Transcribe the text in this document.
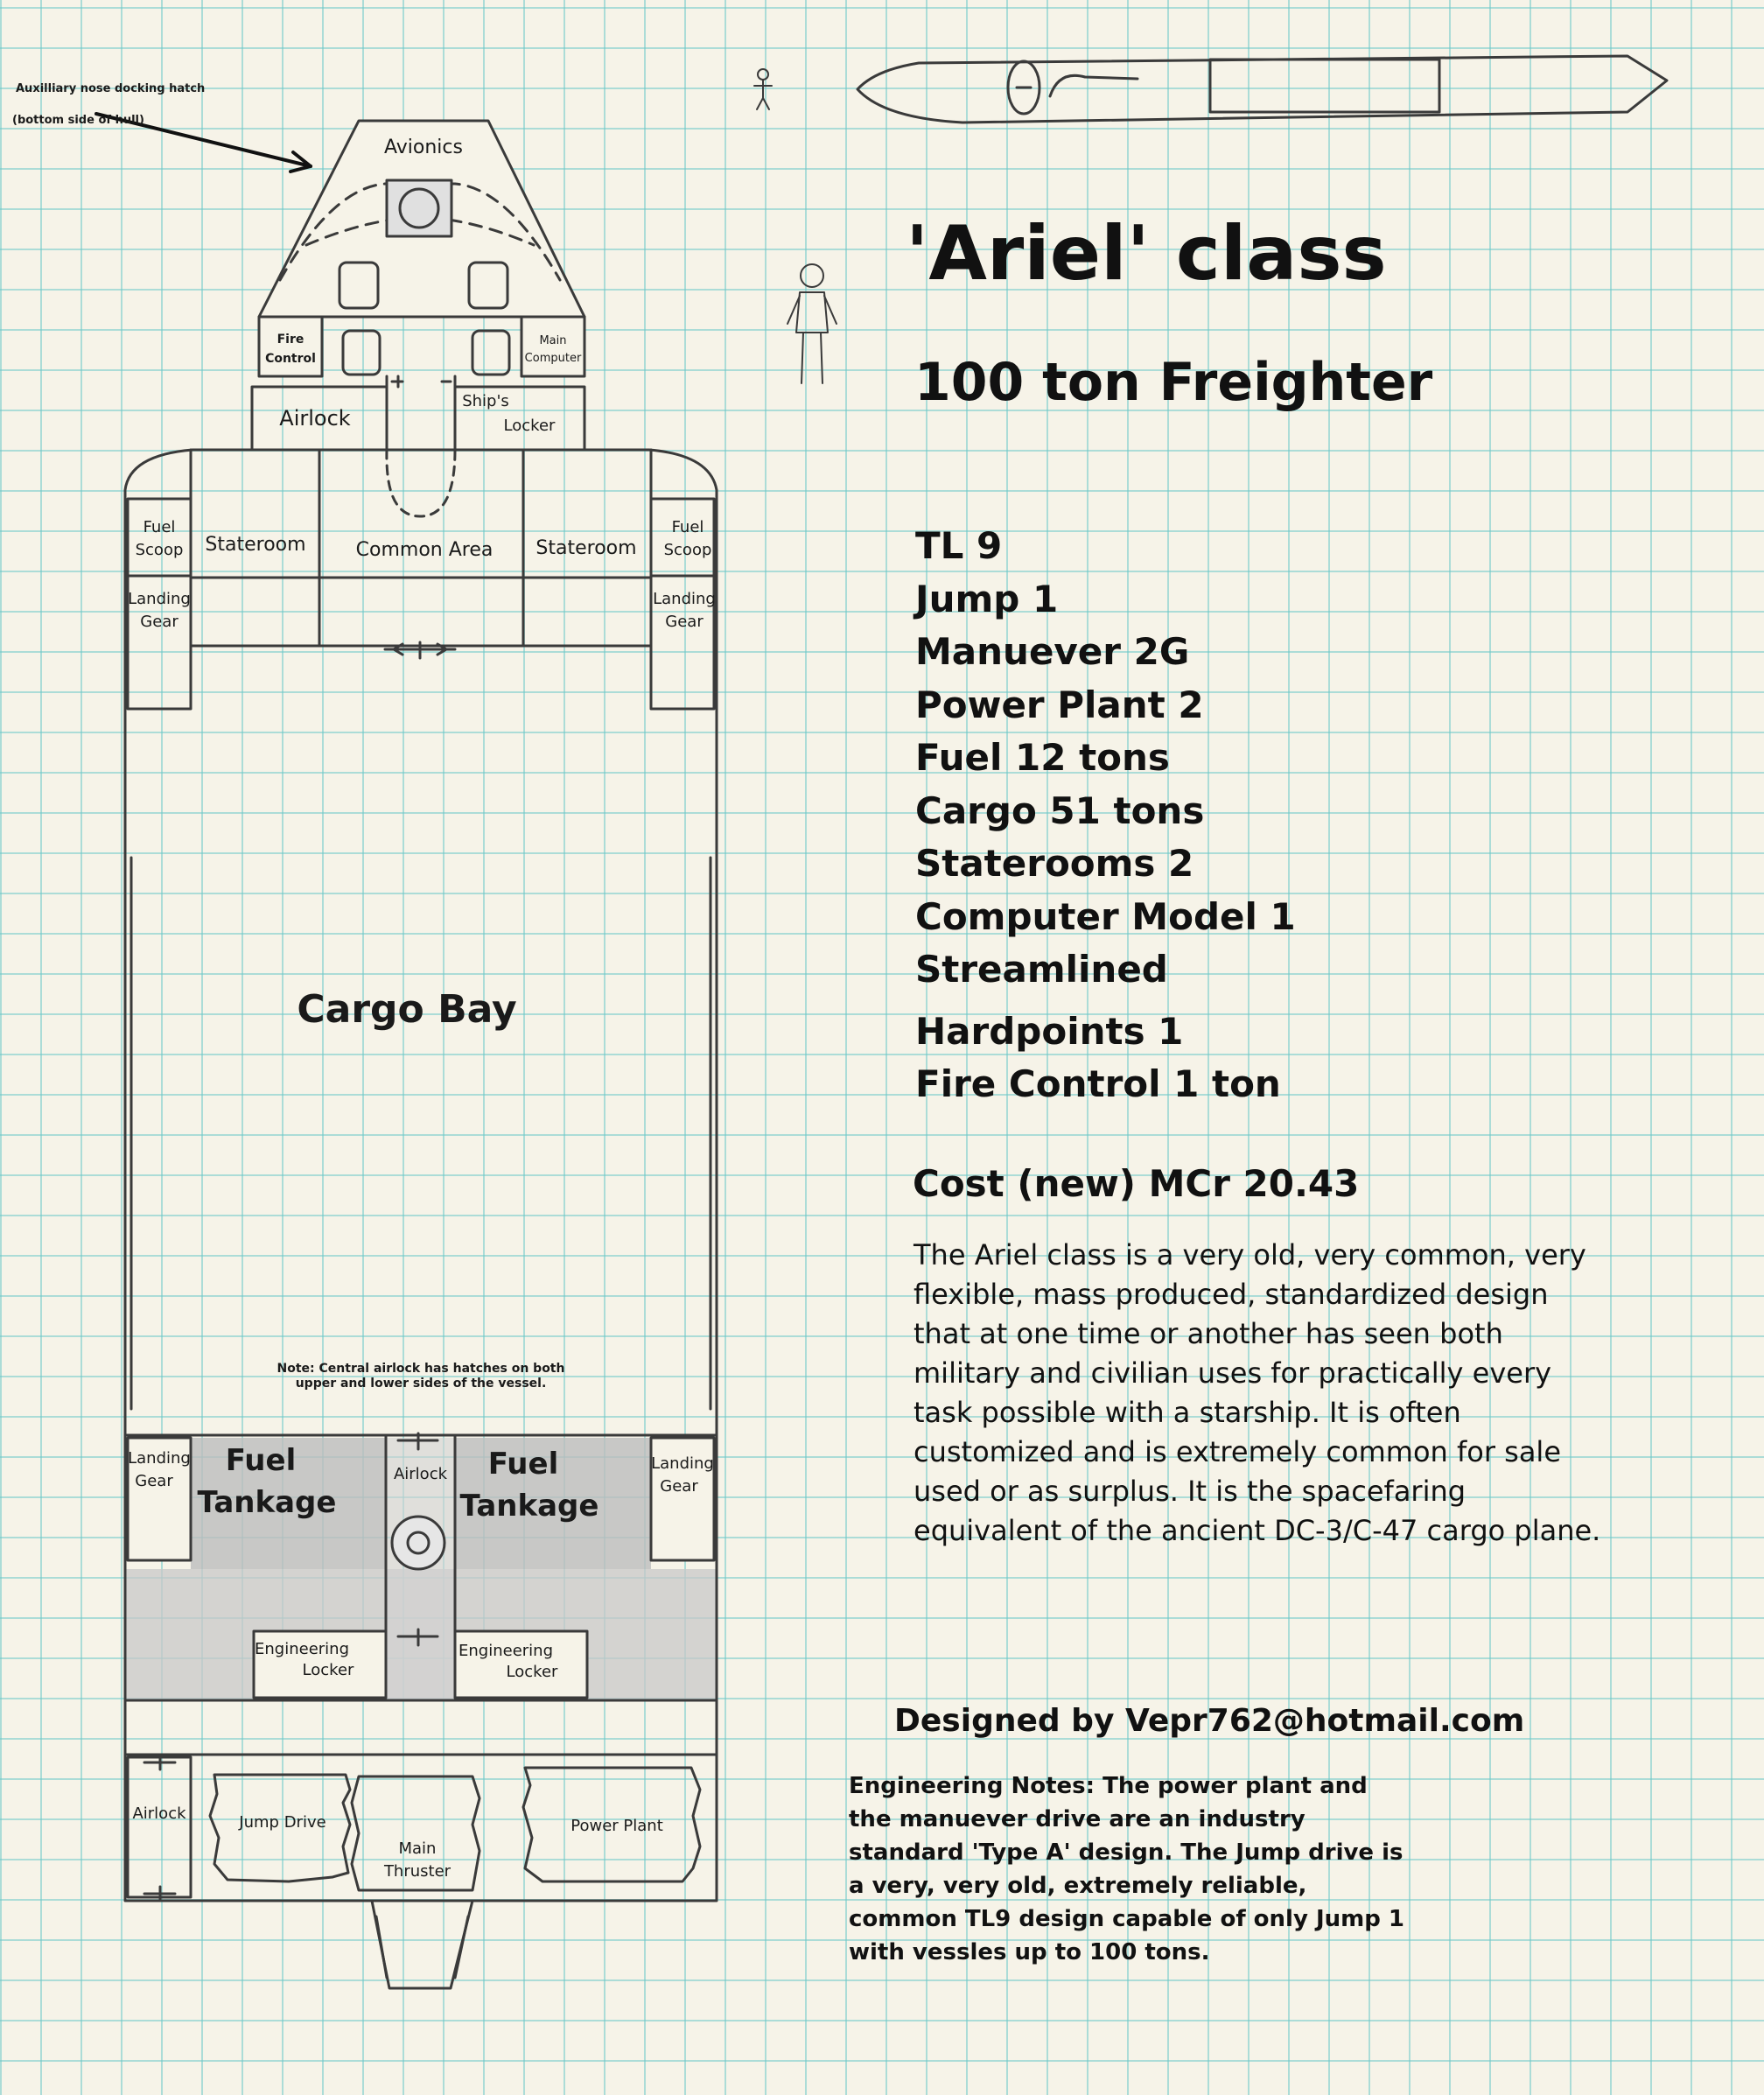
Auxilliary nose docking hatch
(bottom side of hull)
Avionics
Fire
Control
Main
Computer
Airlock
Ship's
Locker
Fuel
Scoop
Fuel
Scoop
Stateroom	Common Area	Stateroom
Landing
Gear
Landing
Gear
Cargo Bay
Note: Central airlock has hatches on both upper and lower sides of the vessel.
Landing
Gear
Landing
Gear
Fuel
Tankage
Fuel
Tankage
Airlock
Engineering
Locker
Engineering
Locker
Airlock	Jump Drive
Main
Thruster
Power Plant
'Ariel' class
100 ton Freighter
TL 9
Jump 1
Manuever 2G
Power Plant 2
Fuel 12 tons
Cargo 51 tons
Staterooms 2
Computer Model 1
Streamlined
Hardpoints 1
Fire Control 1 ton
Cost (new) MCr 20.43

The Ariel class is a very old, very common, very flexible, mass produced, standardized design that at one time or another has seen both military and civilian uses for practically every task possible with a starship. It is often customized and is extremely common for sale used or as surplus. It is the spacefaring equivalent of the ancient DC-3/C-47 cargo plane.

Designed by Vepr762@hotmail.com

Engineering Notes: The power plant and the manuever drive are an industry standard 'Type A' design. The Jump drive is a very, very old, extremely reliable, common TL9 design capable of only Jump 1 with vessles up to 100 tons.
